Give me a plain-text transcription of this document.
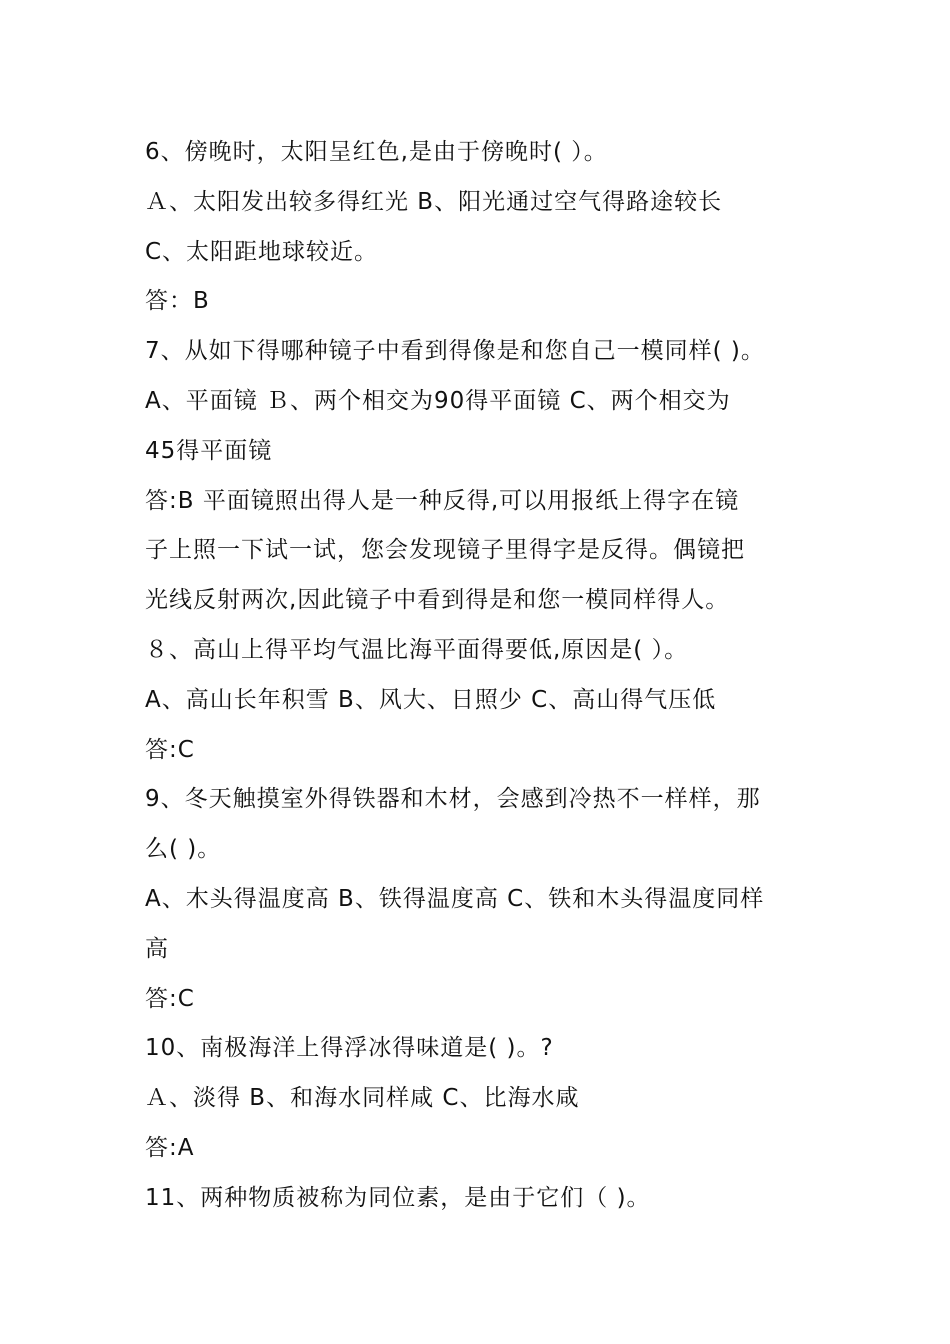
6、傍晚时，太阳呈红色,是由于傍晚时( ）。
Ａ、太阳发出较多得红光 B、阳光通过空气得路途较长
C、太阳距地球较近。
答：B
7、从如下得哪种镜子中看到得像是和您自己一模同样( )。
A、平面镜 Ｂ、两个相交为90得平面镜 C、两个相交为
45得平面镜
答:B 平面镜照出得人是一种反得,可以用报纸上得字在镜
子上照一下试一试，您会发现镜子里得字是反得。偶镜把
光线反射两次,因此镜子中看到得是和您一模同样得人。
８、高山上得平均气温比海平面得要低,原因是( ）。
A、高山长年积雪 B、风大、日照少 C、高山得气压低
答:C
9、冬天触摸室外得铁器和木材，会感到冷热不一样样，那
么( )。
A、木头得温度高 B、铁得温度高 C、铁和木头得温度同样
高
答:C
10、南极海洋上得浮冰得味道是( )。?
Ａ、淡得 B、和海水同样咸 C、比海水咸
答:A
11、两种物质被称为同位素，是由于它们（ )。
